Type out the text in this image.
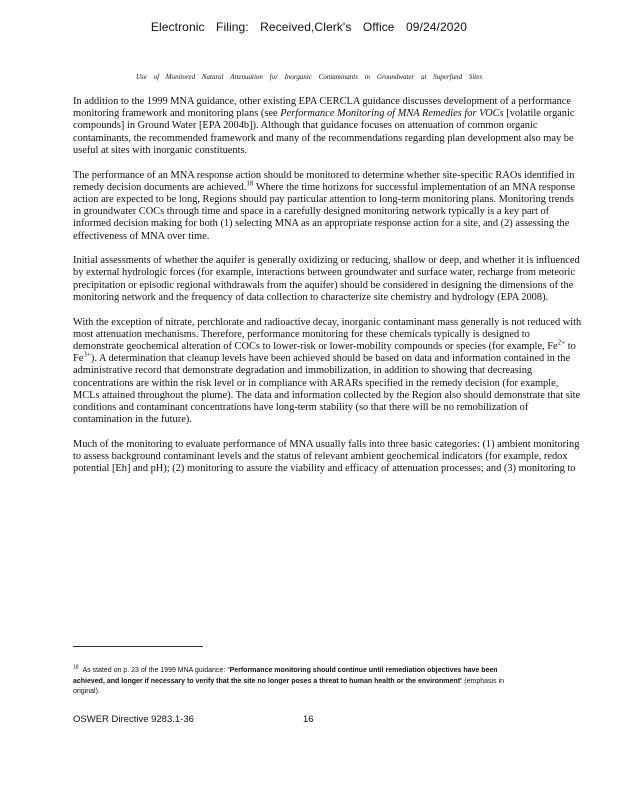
Electronic Filing: Received,Clerk's Office 09/24/2020
Use of Monitored Natural Attenuation for Inorganic Contaminants in Groundwater at Superfund Sites

In addition to the 1999 MNA guidance, other existing EPA CERCLA guidance discusses development of a performance monitoring framework and monitoring plans (see Performance Monitoring of MNA Remedies for VOCs [volatile organic compounds] in Ground Water [EPA 2004b]). Although that guidance focuses on attenuation of common organic contaminants, the recommended framework and many of the recommendations regarding plan development also may be useful at sites with inorganic constituents.

The performance of an MNA response action should be monitored to determine whether site-specific RAOs identified in remedy decision documents are achieved.$^{18}$ Where the time horizons for successful implementation of an MNA response action are expected to be long, Regions should pay particular attention to long-term monitoring plans. Monitoring trends in groundwater COCs through time and space in a carefully designed monitoring network typically is a key part of informed decision making for both (1) selecting MNA as an appropriate response action for a site, and (2) assessing the effectiveness of MNA over time.

Initial assessments of whether the aquifer is generally oxidizing or reducing, shallow or deep, and whether it is influenced by external hydrologic forces (for example, interactions between groundwater and surface water, recharge from meteoric precipitation or episodic regional withdrawals from the aquifer) should be considered in designing the dimensions of the monitoring network and the frequency of data collection to characterize site chemistry and hydrology (EPA 2008).

With the exception of nitrate, perchlorate and radioactive decay, inorganic contaminant mass generally is not reduced with most attenuation mechanisms. Therefore, performance monitoring for these chemicals typically is designed to demonstrate geochemical alteration of COCs to lower-risk or lower-mobility compounds or species (for example, $Fe^{2+}$ to $Fe^{3+}$). A determination that cleanup levels have been achieved should be based on data and information contained in the administrative record that demonstrate degradation and immobilization, in addition to showing that decreasing concentrations are within the risk level or in compliance with ARARs specified in the remedy decision (for example, MCLs attained throughout the plume). The data and information collected by the Region also should demonstrate that site conditions and contaminant concentrations have long-term stability (so that there will be no remobilization of contamination in the future).

Much of the monitoring to evaluate performance of MNA usually falls into three basic categories: (1) ambient monitoring to assess background contaminant levels and the status of relevant ambient geochemical indicators (for example, redox potential [Eh] and pH); (2) monitoring to assure the viability and efficacy of attenuation processes; and (3) monitoring to

$^{18}$ As stated on p. 23 of the 1999 MNA guidance: “Performance monitoring should continue until remediation objectives have been achieved, and longer if necessary to verify that the site no longer poses a threat to human health or the environment” (emphasis in original).
OSWER Directive 9283.1-36	16
